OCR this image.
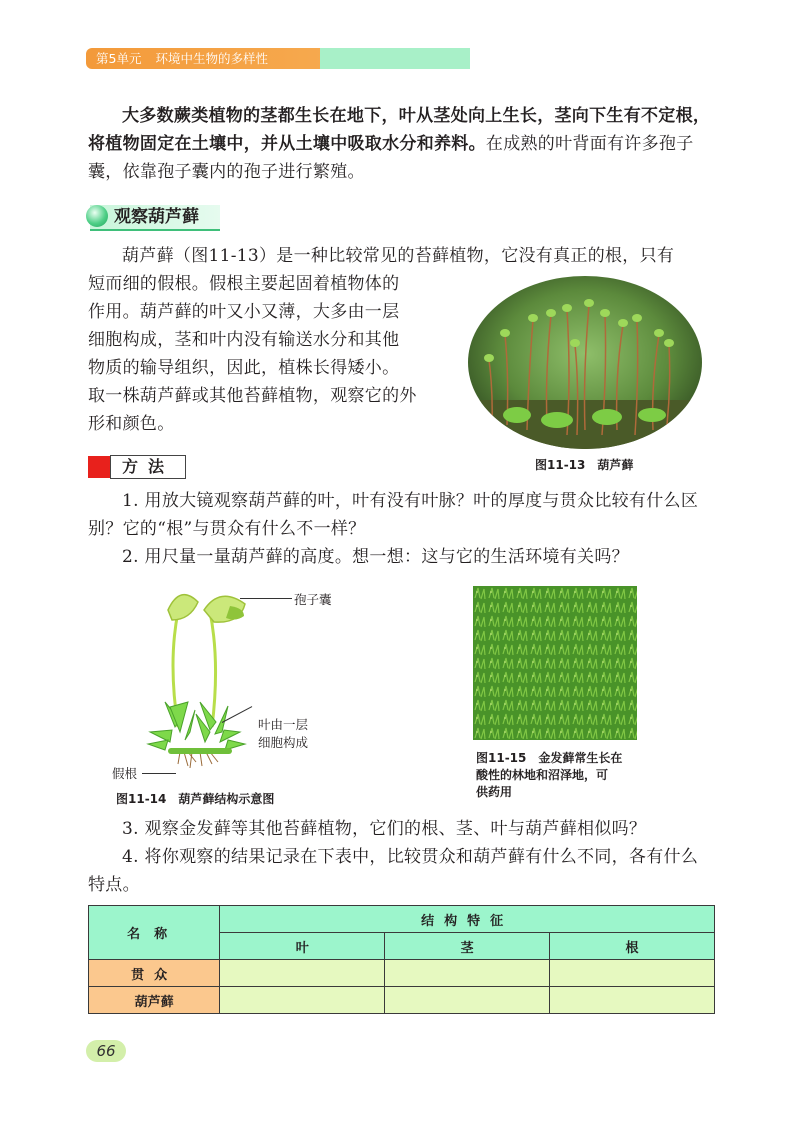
第5单元 环境中生物的多样性
大多数蕨类植物的茎都生长在地下，叶从茎处向上生长，茎向下生有不定根，将植物固定在土壤中，并从土壤中吸取水分和养料。在成熟的叶背面有许多孢子囊，依靠孢子囊内的孢子进行繁殖。
观察葫芦藓
葫芦藓（图11-13）是一种比较常见的苔藓植物，它没有真正的根，只有
短而细的假根。假根主要起固着植物体的
作用。葫芦藓的叶又小又薄，大多由一层
细胞构成，茎和叶内没有输送水分和其他
物质的输导组织，因此，植株长得矮小。
取一株葫芦藓或其他苔藓植物，观察它的外
形和颜色。
图11-13　葫芦藓
方法
1. 用放大镜观察葫芦藓的叶，叶有没有叶脉？叶的厚度与贯众比较有什么区别？它的“根”与贯众有什么不一样？
2. 用尺量一量葫芦藓的高度。想一想：这与它的生活环境有关吗？
孢子囊
叶由一层
细胞构成
假根
图11-14　葫芦藓结构示意图
图11-15　金发藓常生长在
酸性的林地和沼泽地，可
供药用
3. 观察金发藓等其他苔藓植物，它们的根、茎、叶与葫芦藓相似吗？
4. 将你观察的结果记录在下表中，比较贯众和葫芦藓有什么不同，各有什么特点。
名称	结构特征		
	叶	茎	根
贯众			
葫芦藓			
66
